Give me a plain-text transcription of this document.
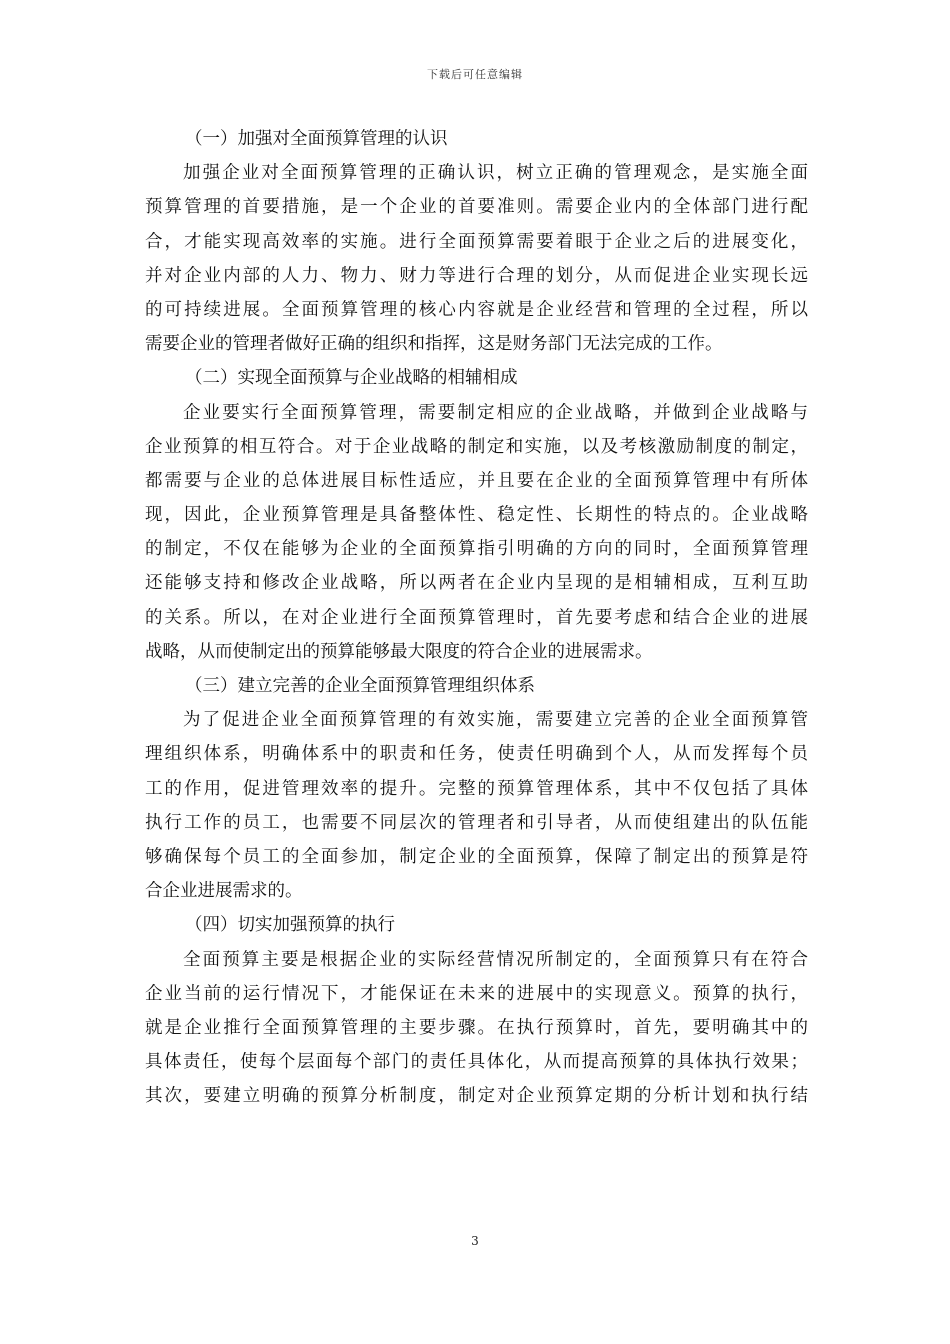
下载后可任意编辑
（一）加强对全面预算管理的认识
加强企业对全面预算管理的正确认识，树立正确的管理观念，是实施全面
预算管理的首要措施，是一个企业的首要准则。需要企业内的全体部门进行配
合，才能实现高效率的实施。进行全面预算需要着眼于企业之后的进展变化，
并对企业内部的人力、物力、财力等进行合理的划分，从而促进企业实现长远
的可持续进展。全面预算管理的核心内容就是企业经营和管理的全过程，所以
需要企业的管理者做好正确的组织和指挥，这是财务部门无法完成的工作。
（二）实现全面预算与企业战略的相辅相成
企业要实行全面预算管理，需要制定相应的企业战略，并做到企业战略与
企业预算的相互符合。对于企业战略的制定和实施，以及考核激励制度的制定，
都需要与企业的总体进展目标性适应，并且要在企业的全面预算管理中有所体
现，因此，企业预算管理是具备整体性、稳定性、长期性的特点的。企业战略
的制定，不仅在能够为企业的全面预算指引明确的方向的同时，全面预算管理
还能够支持和修改企业战略，所以两者在企业内呈现的是相辅相成，互利互助
的关系。所以，在对企业进行全面预算管理时，首先要考虑和结合企业的进展
战略，从而使制定出的预算能够最大限度的符合企业的进展需求。
（三）建立完善的企业全面预算管理组织体系
为了促进企业全面预算管理的有效实施，需要建立完善的企业全面预算管
理组织体系，明确体系中的职责和任务，使责任明确到个人，从而发挥每个员
工的作用，促进管理效率的提升。完整的预算管理体系，其中不仅包括了具体
执行工作的员工，也需要不同层次的管理者和引导者，从而使组建出的队伍能
够确保每个员工的全面参加，制定企业的全面预算，保障了制定出的预算是符
合企业进展需求的。
（四）切实加强预算的执行
全面预算主要是根据企业的实际经营情况所制定的，全面预算只有在符合
企业当前的运行情况下，才能保证在未来的进展中的实现意义。预算的执行，
就是企业推行全面预算管理的主要步骤。在执行预算时，首先，要明确其中的
具体责任，使每个层面每个部门的责任具体化，从而提高预算的具体执行效果；
其次，要建立明确的预算分析制度，制定对企业预算定期的分析计划和执行结
3
